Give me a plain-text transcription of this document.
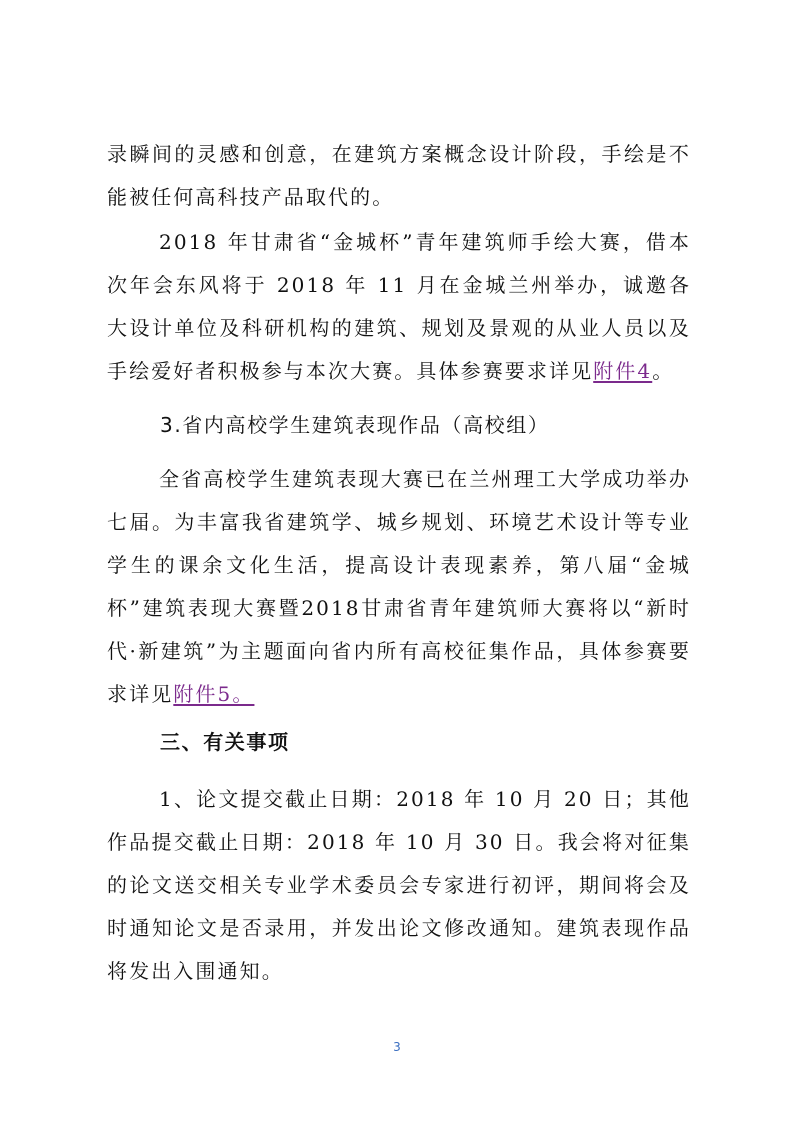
录瞬间的灵感和创意，在建筑方案概念设计阶段，手绘是不能被任何高科技产品取代的。

2018 年甘肃省“金城杯”青年建筑师手绘大赛，借本次年会东风将于 2018 年 11 月在金城兰州举办，诚邀各大设计单位及科研机构的建筑、规划及景观的从业人员以及手绘爱好者积极参与本次大赛。具体参赛要求详见附件4。

3.省内高校学生建筑表现作品（高校组）

全省高校学生建筑表现大赛已在兰州理工大学成功举办七届。为丰富我省建筑学、城乡规划、环境艺术设计等专业学生的课余文化生活，提高设计表现素养，第八届“金城杯”建筑表现大赛暨2018甘肃省青年建筑师大赛将以“新时代·新建筑”为主题面向省内所有高校征集作品，具体参赛要求详见附件5。

三、有关事项

1、论文提交截止日期：2018 年 10 月 20 日；其他作品提交截止日期：2018 年 10 月 30 日。我会将对征集的论文送交相关专业学术委员会专家进行初评，期间将会及时通知论文是否录用，并发出论文修改通知。建筑表现作品将发出入围通知。

3
